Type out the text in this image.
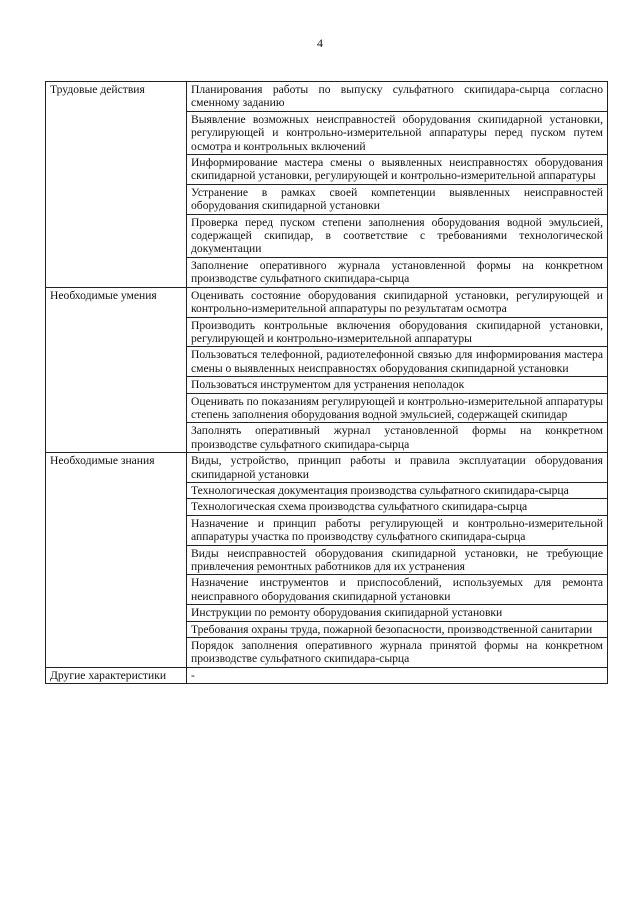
4
Трудовые действия	Планирования работы по выпуску сульфатного скипидара-сырца согласно сменному заданию
	Выявление возможных неисправностей оборудования скипидарной установки, регулирующей и контрольно-измерительной аппаратуры перед пуском путем осмотра и контрольных включений
	Информирование мастера смены о выявленных неисправностях оборудования скипидарной установки, регулирующей и контрольно-измерительной аппаратуры
	Устранение в рамках своей компетенции выявленных неисправностей оборудования скипидарной установки
	Проверка перед пуском степени заполнения оборудования водной эмульсией, содержащей скипидар, в соответствие с требованиями технологической документации
	Заполнение оперативного журнала установленной формы на конкретном производстве сульфатного скипидара-сырца
Необходимые умения	Оценивать состояние оборудования скипидарной установки, регулирующей и контрольно-измерительной аппаратуры по результатам осмотра
	Производить контрольные включения оборудования скипидарной установки, регулирующей и контрольно-измерительной аппаратуры
	Пользоваться телефонной, радиотелефонной связью для информирования мастера смены о выявленных неисправностях оборудования скипидарной установки
	Пользоваться инструментом для устранения неполадок
	Оценивать по показаниям регулирующей и контрольно-измерительной аппаратуры степень заполнения оборудования водной эмульсией, содержащей скипидар
	Заполнять оперативный журнал установленной формы на конкретном производстве сульфатного скипидара-сырца
Необходимые знания	Виды, устройство, принцип работы и правила эксплуатации оборудования скипидарной установки
	Технологическая документация производства сульфатного скипидара-сырца
	Технологическая схема производства сульфатного скипидара-сырца
	Назначение и принцип работы регулирующей и контрольно-измерительной аппаратуры участка по производству сульфатного скипидара-сырца
	Виды неисправностей оборудования скипидарной установки, не требующие привлечения ремонтных работников для их устранения
	Назначение инструментов и приспособлений, используемых для ремонта неисправного оборудования скипидарной установки
	Инструкции по ремонту оборудования скипидарной установки
	Требования охраны труда, пожарной безопасности, производственной санитарии
	Порядок заполнения оперативного журнала принятой формы на конкретном производстве сульфатного скипидара-сырца
Другие характеристики	-
